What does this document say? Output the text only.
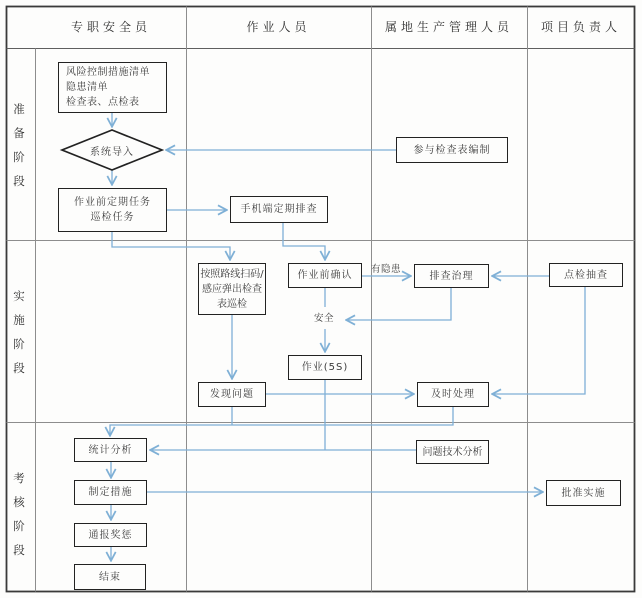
专职安全员	作业人员	属地生产管理人员	项目负责人
准备阶段
实施阶段
考核阶段
风险控制措施清单
隐患清单
检查表、点检表
系统导入
作业前定期任务
巡检任务
手机端定期排查
参与检查表编制
按照路线扫码/
感应弹出检查
表巡检
作业前确认	排查治理	点检抽查
作业(5S)
发现问题	及时处理
有隐患
安全
统计分析	问题技术分析
制定措施	批准实施
通报奖惩
结束
